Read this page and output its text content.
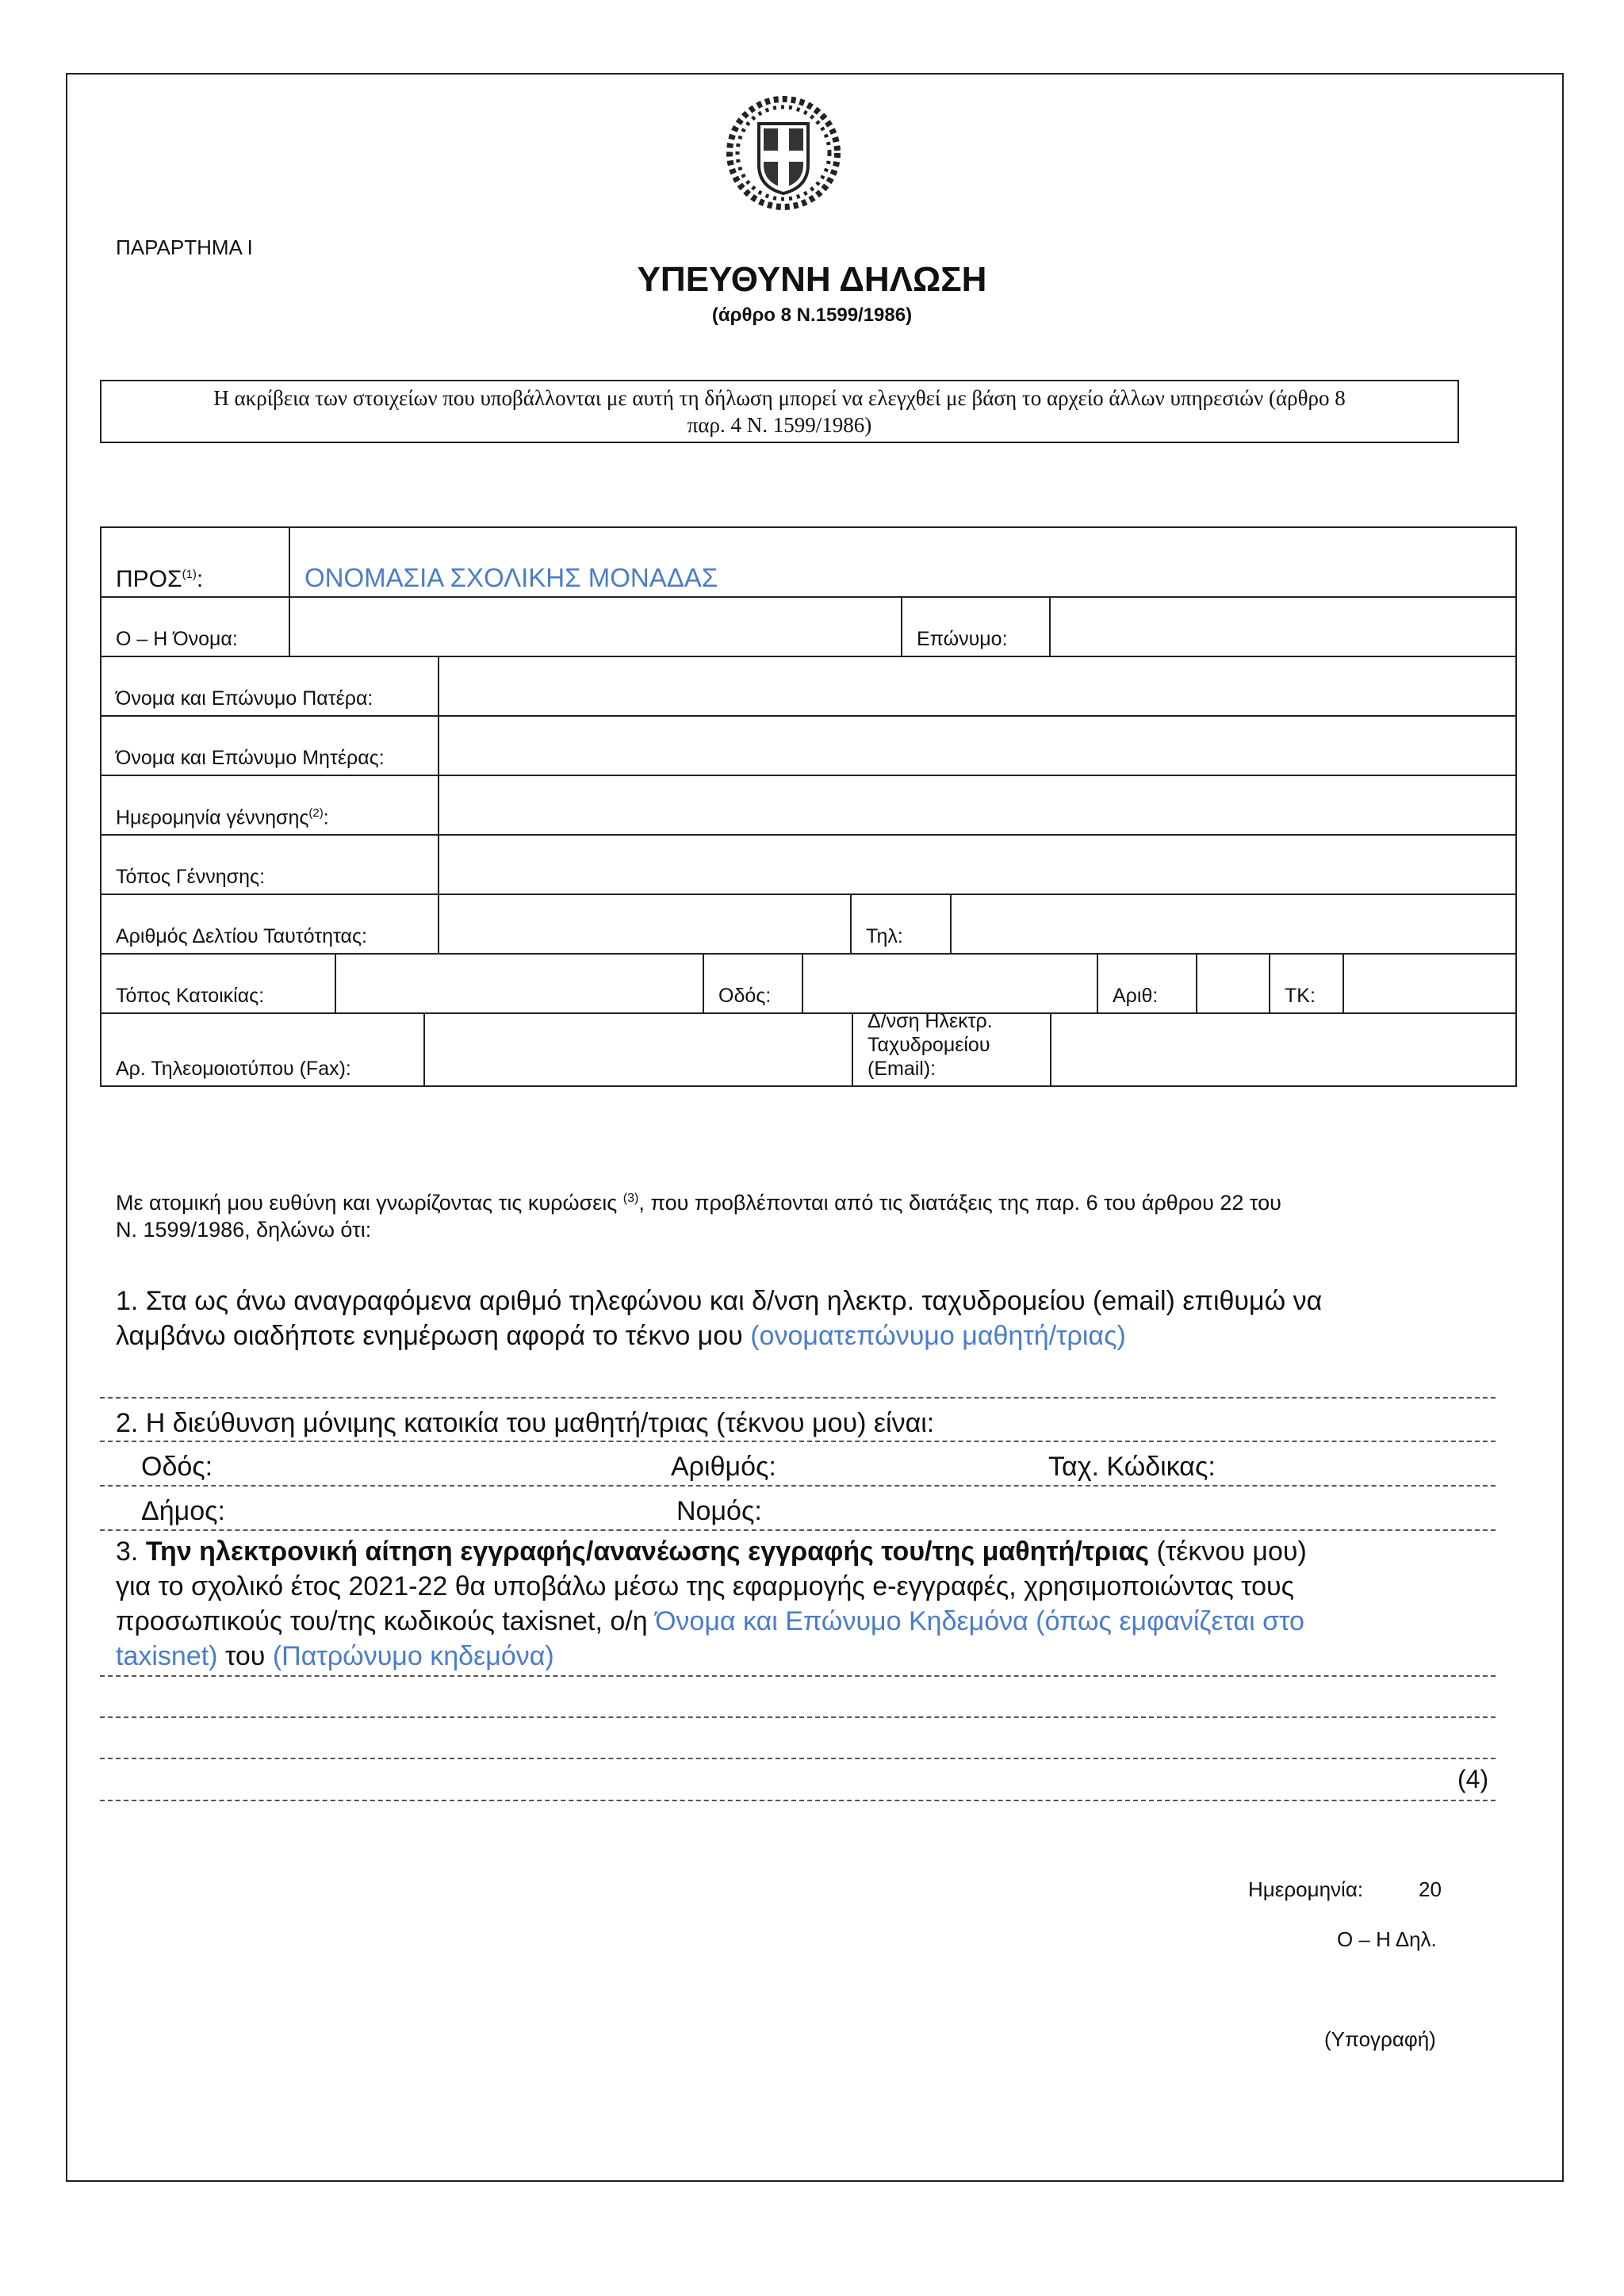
ΠΑΡΑΡΤΗΜΑ Ι
ΥΠΕΥΘΥΝΗ ΔΗΛΩΣΗ
(άρθρο 8 Ν.1599/1986)
Η ακρίβεια των στοιχείων που υποβάλλονται με αυτή τη δήλωση μπορεί να ελεγχθεί με βάση το αρχείο άλλων υπηρεσιών (άρθρο 8
παρ. 4 Ν. 1599/1986)
ΠΡΟΣ$^{(1)}$:	ΟΝΟΜΑΣΙΑ ΣΧΟΛΙΚΗΣ ΜΟΝΑΔΑΣ
Ο – Η Όνομα:	Επώνυμο:
Όνομα και Επώνυμο Πατέρα:
Όνομα και Επώνυμο Μητέρας:
Ημερομηνία γέννησης$^{(2)}$:
Τόπος Γέννησης:
Αριθμός Δελτίου Ταυτότητας:	Τηλ:
Τόπος Κατοικίας:	Οδός:	Αριθ:	ΤΚ:
Αρ. Τηλεομοιοτύπου (Fax):
Δ/νση Ηλεκτρ.
Ταχυδρομείου
(Email):
Με ατομική μου ευθύνη και γνωρίζοντας τις κυρώσεις $^{(3)}$, που προβλέπονται από τις διατάξεις της παρ. 6 του άρθρου 22 του
Ν. 1599/1986, δηλώνω ότι:
1. Στα ως άνω αναγραφόμενα αριθμό τηλεφώνου και δ/νση ηλεκτρ. ταχυδρομείου (email) επιθυμώ να
λαμβάνω οιαδήποτε ενημέρωση αφορά το τέκνο μου (ονοματεπώνυμο μαθητή/τριας)
2. Η διεύθυνση μόνιμης κατοικία του μαθητή/τριας (τέκνου μου) είναι:
Οδός:	Αριθμός:	Ταχ. Κώδικας:
Δήμος:	Νομός:
3. Την ηλεκτρονική αίτηση εγγραφής/ανανέωσης εγγραφής του/της μαθητή/τριας (τέκνου μου)
για το σχολικό έτος 2021-22 θα υποβάλω μέσω της εφαρμογής e-εγγραφές, χρησιμοποιώντας τους
προσωπικούς του/της κωδικούς taxisnet, ο/η Όνομα και Επώνυμο Κηδεμόνα (όπως εμφανίζεται στο
taxisnet) του (Πατρώνυμο κηδεμόνα)
(4)
Ημερομηνία:	20
Ο – Η Δηλ.
(Υπογραφή)
